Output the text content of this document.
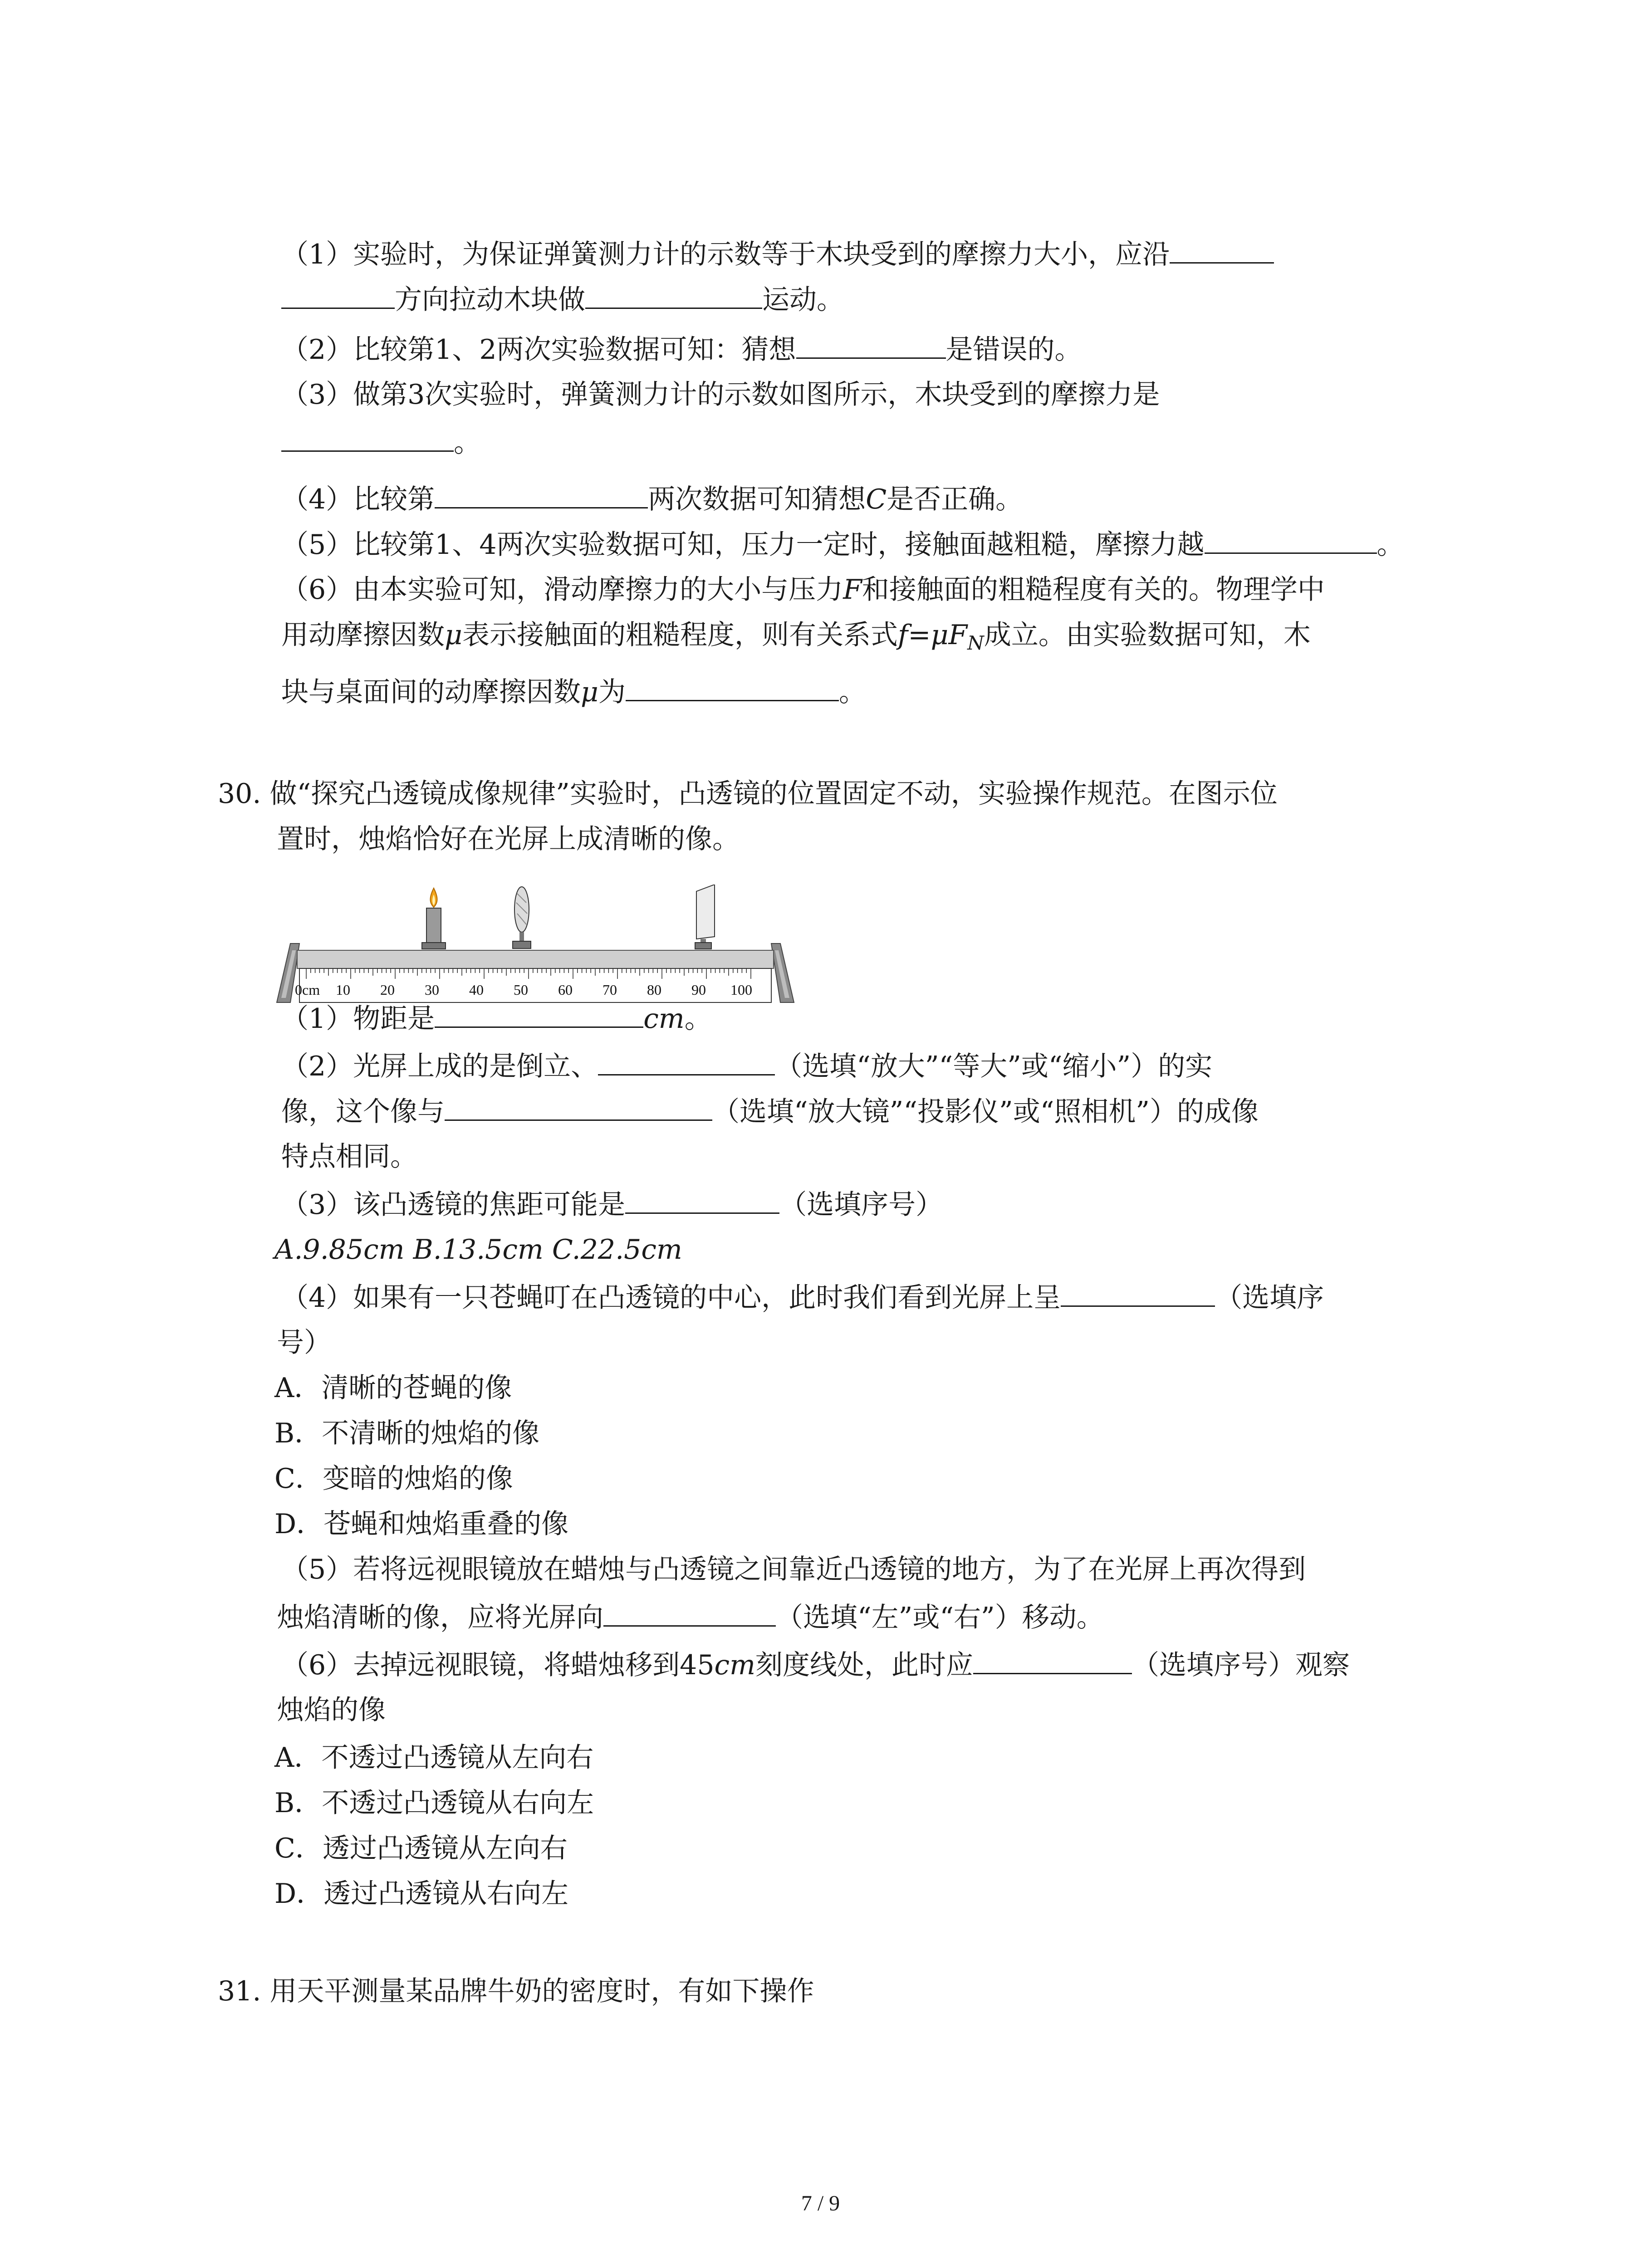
（1）实验时，为保证弹簧测力计的示数等于木块受到的摩擦力大小，应沿
方向拉动木块做	运动。
（2）比较第1、2两次实验数据可知：猜想	是错误的。
（3）做第3次实验时，弹簧测力计的示数如图所示，木块受到的摩擦力是
。
（4）比较第	两次数据可知猜想C是否正确。
（5）比较第1、4两次实验数据可知，压力一定时，接触面越粗糙，摩擦力越	。
（6）由本实验可知，滑动摩擦力的大小与压力F和接触面的粗糙程度有关的。物理学中
用动摩擦因数μ表示接触面的粗糙程度，则有关系式$f=\mu F_N$成立。由实验数据可知，木
块与桌面间的动摩擦因数μ为	。
30. 做“探究凸透镜成像规律”实验时，凸透镜的位置固定不动，实验操作规范。在图示位
置时，烛焰恰好在光屏上成清晰的像。
0cm 10 20 30 40 50 60 70 80 90 100
（1）物距是	cm。
（2）光屏上成的是倒立、	（选填“放大”“等大”或“缩小”）的实
像，这个像与	（选填“放大镜”“投影仪”或“照相机”）的成像
特点相同。
（3）该凸透镜的焦距可能是	（选填序号）
A.9.85cm B.13.5cm C.22.5cm
（4）如果有一只苍蝇叮在凸透镜的中心，此时我们看到光屏上呈	（选填序
号）
A．清晰的苍蝇的像
B．不清晰的烛焰的像
C．变暗的烛焰的像
D．苍蝇和烛焰重叠的像
（5）若将远视眼镜放在蜡烛与凸透镜之间靠近凸透镜的地方，为了在光屏上再次得到
烛焰清晰的像，应将光屏向	（选填“左”或“右”）移动。
（6）去掉远视眼镜，将蜡烛移到45cm刻度线处，此时应	（选填序号）观察
烛焰的像
A．不透过凸透镜从左向右
B．不透过凸透镜从右向左
C．透过凸透镜从左向右
D．透过凸透镜从右向左
31. 用天平测量某品牌牛奶的密度时，有如下操作
7 / 9
